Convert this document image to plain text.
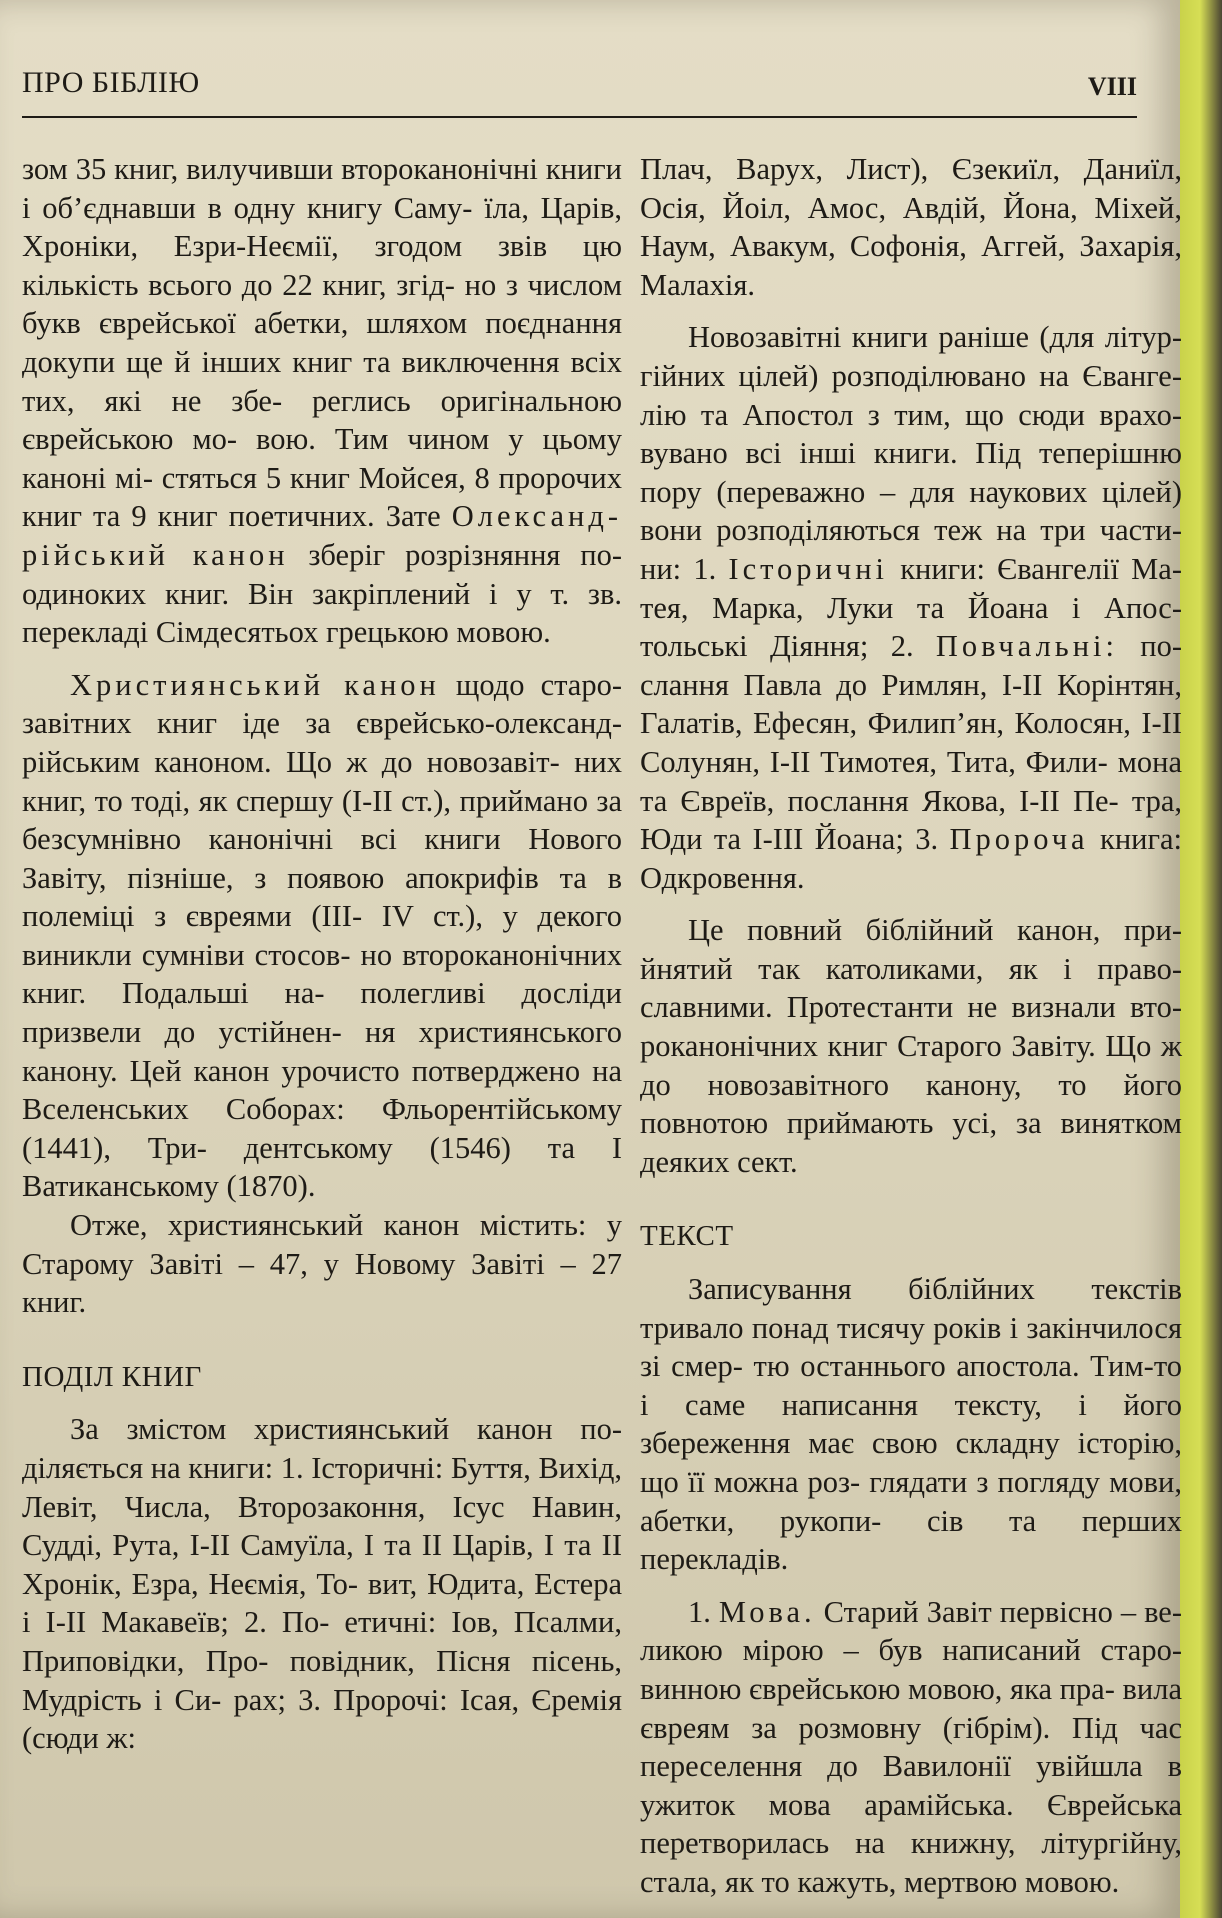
ПРО БІБЛІЮ	VIII

зом 35 книг, вилучивши второканонічні книги і об’єднавши в одну книгу Саму- їла, Царів, Хроніки, Езри-Неємії, згодом звів цю кількість всього до 22 книг, згід- но з числом букв єврейської абетки, шляхом поєднання докупи ще й інших книг та виключення всіх тих, які не збе- реглись оригінальною єврейською мо- вою. Тим чином у цьому каноні мі- стяться 5 книг Мойсея, 8 пророчих книг та 9 книг поетичних. Зате Олександ- рійський канон зберіг розрізняння по- одиноких книг. Він закріплений і у т. зв. перекладі Сімдесятьох грецькою мовою.

Християнський канон щодо старо- завітних книг іде за єврейсько-олександ- рійським каноном. Що ж до новозавіт- них книг, то тоді, як спершу (I-II ст.), приймано за безсумнівно канонічні всі книги Нового Завіту, пізніше, з появою апокрифів та в полеміці з євреями (III- IV ст.), у декого виникли сумніви стосов- но второканонічних книг. Подальші на- полегливі досліди призвели до устійнен- ня християнського канону. Цей канон урочисто потверджено на Вселенських Соборах: Фльорентійському (1441), Три- дентському (1546) та I Ватиканському (1870).

Отже, християнський канон містить: у Старому Завіті – 47, у Новому Завіті – 27 книг.

ПОДІЛ КНИГ

За змістом християнський канон по- діляється на книги: 1. Історичні: Буття, Вихід, Левіт, Числа, Второзаконня, Ісус Навин, Судді, Рута, I-II Самуїла, I та II Царів, I та II Хронік, Езра, Неємія, То- вит, Юдита, Естера і I-II Макавеїв; 2. По- етичні: Іов, Псалми, Приповідки, Про- повідник, Пісня пісень, Мудрість і Си- рах; 3. Пророчі: Ісая, Єремія (сюди ж:

Плач, Варух, Лист), Єзекиїл, Даниїл, Осія, Йоіл, Амос, Авдій, Йона, Міхей, Наум, Авакум, Софонія, Аггей, Захарія, Малахія.

Новозавітні книги раніше (для літур- гійних цілей) розподілювано на Єванге- лію та Апостол з тим, що сюди врахо- вувано всі інші книги. Під теперішню пору (переважно – для наукових цілей) вони розподіляються теж на три части- ни: 1. Історичні книги: Євангелії Ма- тея, Марка, Луки та Йоана і Апос- тольські Діяння; 2. Повчальні: по- слання Павла до Римлян, I-II Корінтян, Галатів, Ефесян, Филип’ян, Колосян, I-II Солунян, I-II Тимотея, Тита, Фили- мона та Євреїв, послання Якова, I-II Пе- тра, Юди та I-III Йоана; 3. Пророча книга: Одкровення.

Це повний біблійний канон, при- йнятий так католиками, як і право- славними. Протестанти не визнали вто- роканонічних книг Старого Завіту. Що ж до новозавітного канону, то його повнотою приймають усі, за винятком деяких сект.

ТЕКСТ

Записування біблійних текстів тривало понад тисячу років і закінчилося зі смер- тю останнього апостола. Тим-то і саме написання тексту, і його збереження має свою складну історію, що її можна роз- глядати з погляду мови, абетки, рукопи- сів та перших перекладів.

1. Мова. Старий Завіт первісно – ве- ликою мірою – був написаний старо- винною єврейською мовою, яка пра- вила євреям за розмовну (гібрім). Під час переселення до Вавилонії увійшла в ужиток мова арамійська. Єврейська перетворилась на книжну, літургійну, стала, як то кажуть, мертвою мовою.
